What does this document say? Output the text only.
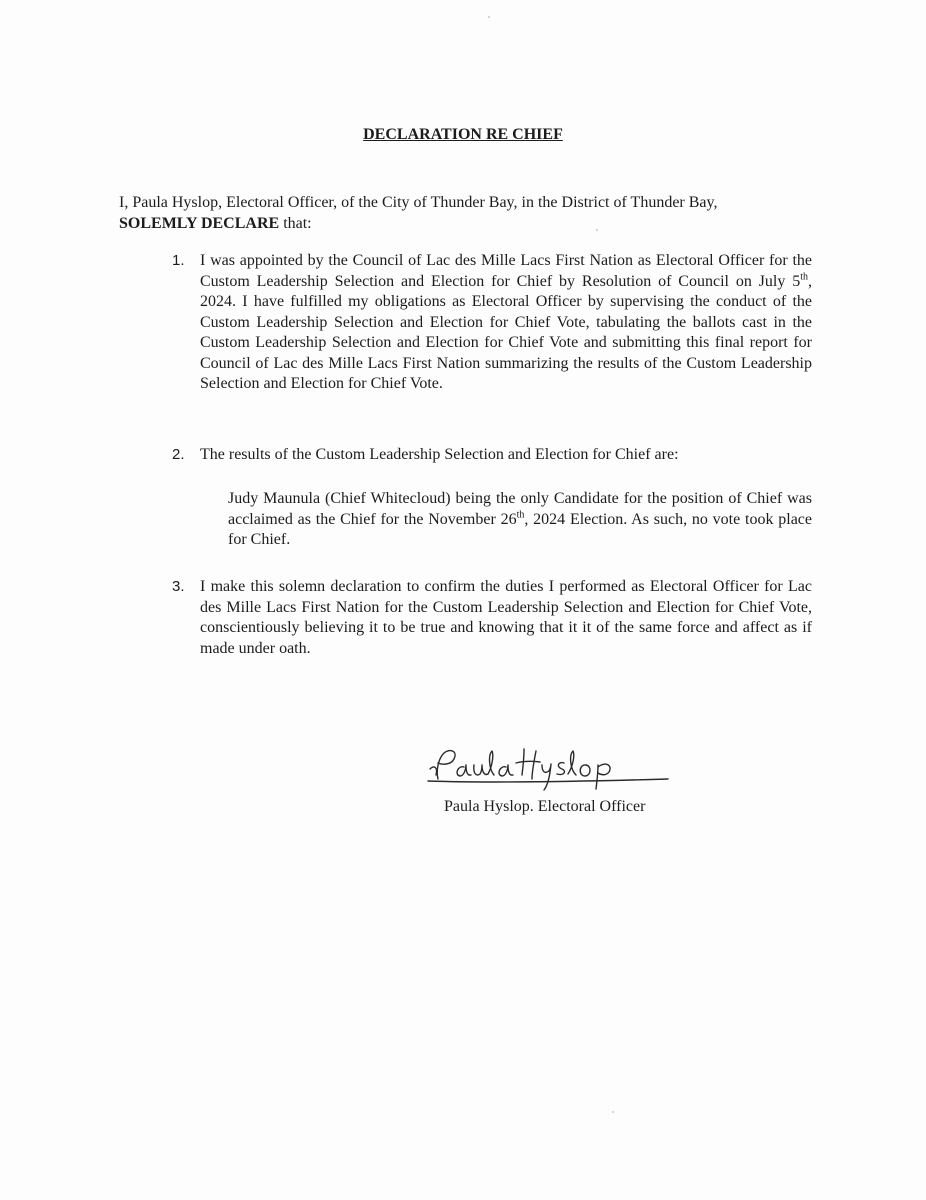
DECLARATION RE CHIEF
I, Paula Hyslop, Electoral Officer, of the City of Thunder Bay, in the District of Thunder Bay,
SOLEMLY DECLARE that:
1. I was appointed by the Council of Lac des Mille Lacs First Nation as Electoral Officer for the Custom Leadership Selection and Election for Chief by Resolution of Council on July 5th, 2024. I have fulfilled my obligations as Electoral Officer by supervising the conduct of the Custom Leadership Selection and Election for Chief Vote, tabulating the ballots cast in the Custom Leadership Selection and Election for Chief Vote and submitting this final report for Council of Lac des Mille Lacs First Nation summarizing the results of the Custom Leadership Selection and Election for Chief Vote.
2. The results of the Custom Leadership Selection and Election for Chief are:
Judy Maunula (Chief Whitecloud) being the only Candidate for the position of Chief was acclaimed as the Chief for the November 26th, 2024 Election. As such, no vote took place for Chief.
3. I make this solemn declaration to confirm the duties I performed as Electoral Officer for Lac des Mille Lacs First Nation for the Custom Leadership Selection and Election for Chief Vote, conscientiously believing it to be true and knowing that it it of the same force and affect as if made under oath.
Paula Hyslop. Electoral Officer
